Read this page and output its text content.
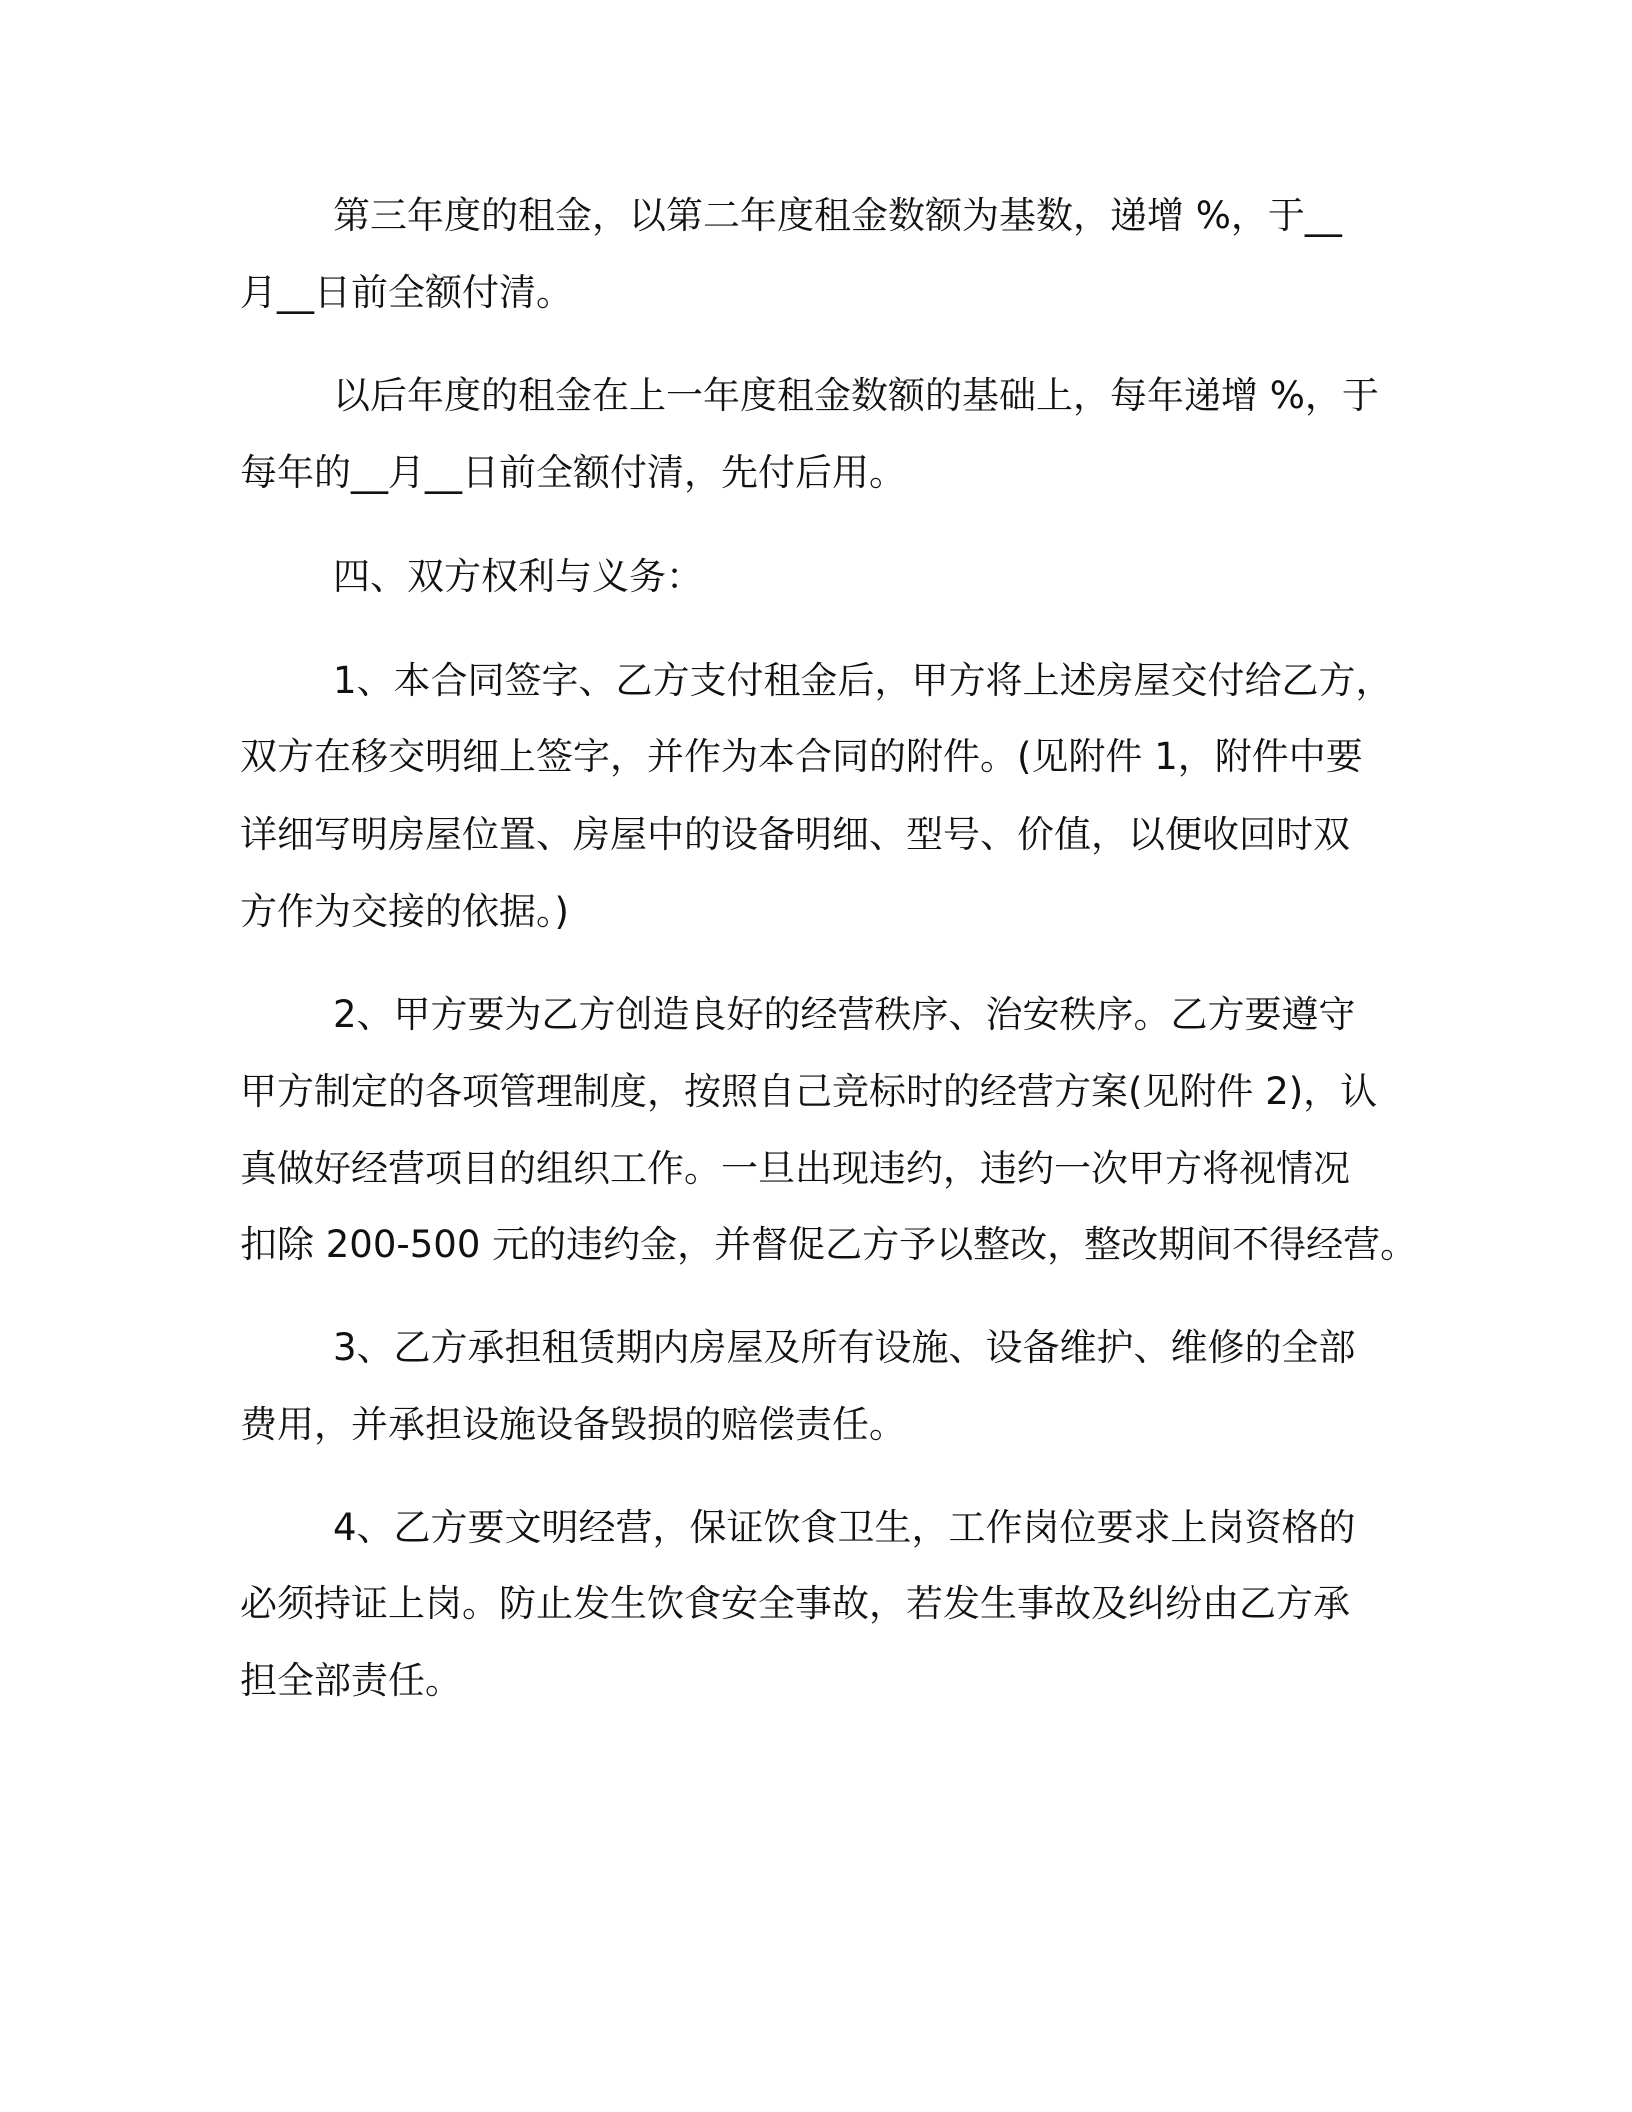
第三年度的租金，以第二年度租金数额为基数，递增 %，于__
月__日前全额付清。
以后年度的租金在上一年度租金数额的基础上，每年递增 %，于
每年的__月__日前全额付清，先付后用。
四、双方权利与义务：
1、本合同签字、乙方支付租金后，甲方将上述房屋交付给乙方，
双方在移交明细上签字，并作为本合同的附件。(见附件 1，附件中要
详细写明房屋位置、房屋中的设备明细、型号、价值，以便收回时双
方作为交接的依据。)
2、甲方要为乙方创造良好的经营秩序、治安秩序。乙方要遵守
甲方制定的各项管理制度，按照自己竞标时的经营方案(见附件 2)，认
真做好经营项目的组织工作。一旦出现违约，违约一次甲方将视情况
扣除 200-500 元的违约金，并督促乙方予以整改，整改期间不得经营。
3、乙方承担租赁期内房屋及所有设施、设备维护、维修的全部
费用，并承担设施设备毁损的赔偿责任。
4、乙方要文明经营，保证饮食卫生，工作岗位要求上岗资格的
必须持证上岗。防止发生饮食安全事故，若发生事故及纠纷由乙方承
担全部责任。
